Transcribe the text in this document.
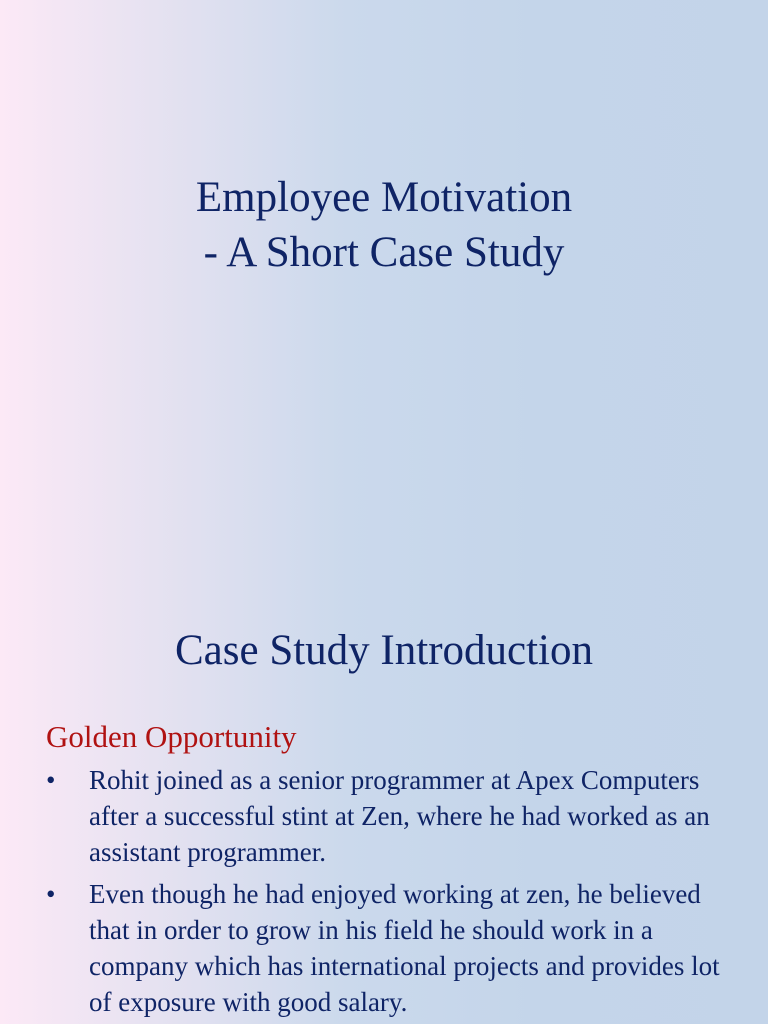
Employee Motivation
- A Short Case Study
Case Study Introduction
Golden Opportunity
• Rohit joined as a senior programmer at Apex Computers after a successful stint at Zen, where he had worked as an assistant programmer.
• Even though he had enjoyed working at zen, he believed that in order to grow in his field he should work in a company which has international projects and provides lot of exposure with good salary.
